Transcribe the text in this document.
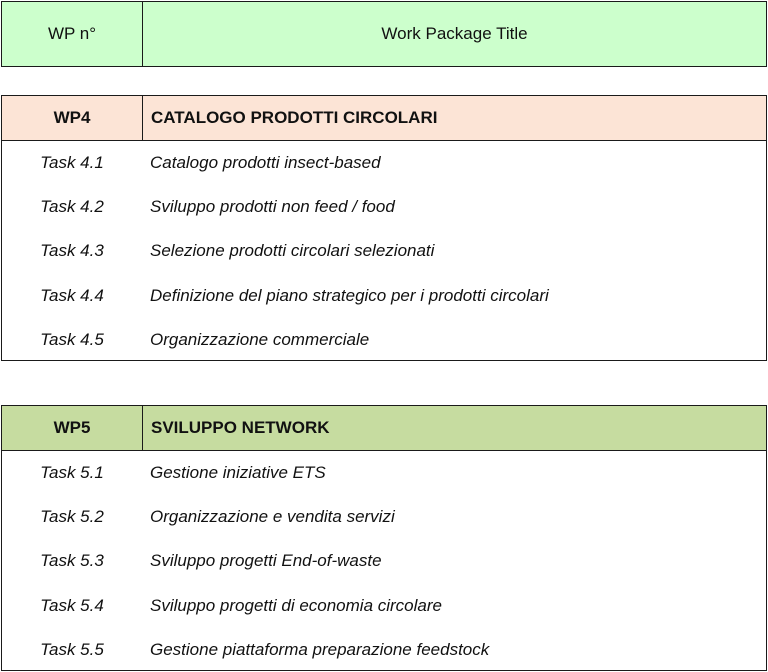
WP n°	Work Package Title
WP4	CATALOGO PRODOTTI CIRCOLARI
Task 4.1	Catalogo prodotti insect-based
Task 4.2	Sviluppo prodotti non feed / food
Task 4.3	Selezione prodotti circolari selezionati
Task 4.4	Definizione del piano strategico per i prodotti circolari
Task 4.5	Organizzazione commerciale
WP5	SVILUPPO NETWORK
Task 5.1	Gestione iniziative ETS
Task 5.2	Organizzazione e vendita servizi
Task 5.3	Sviluppo progetti End-of-waste
Task 5.4	Sviluppo progetti di economia circolare
Task 5.5	Gestione piattaforma preparazione feedstock
